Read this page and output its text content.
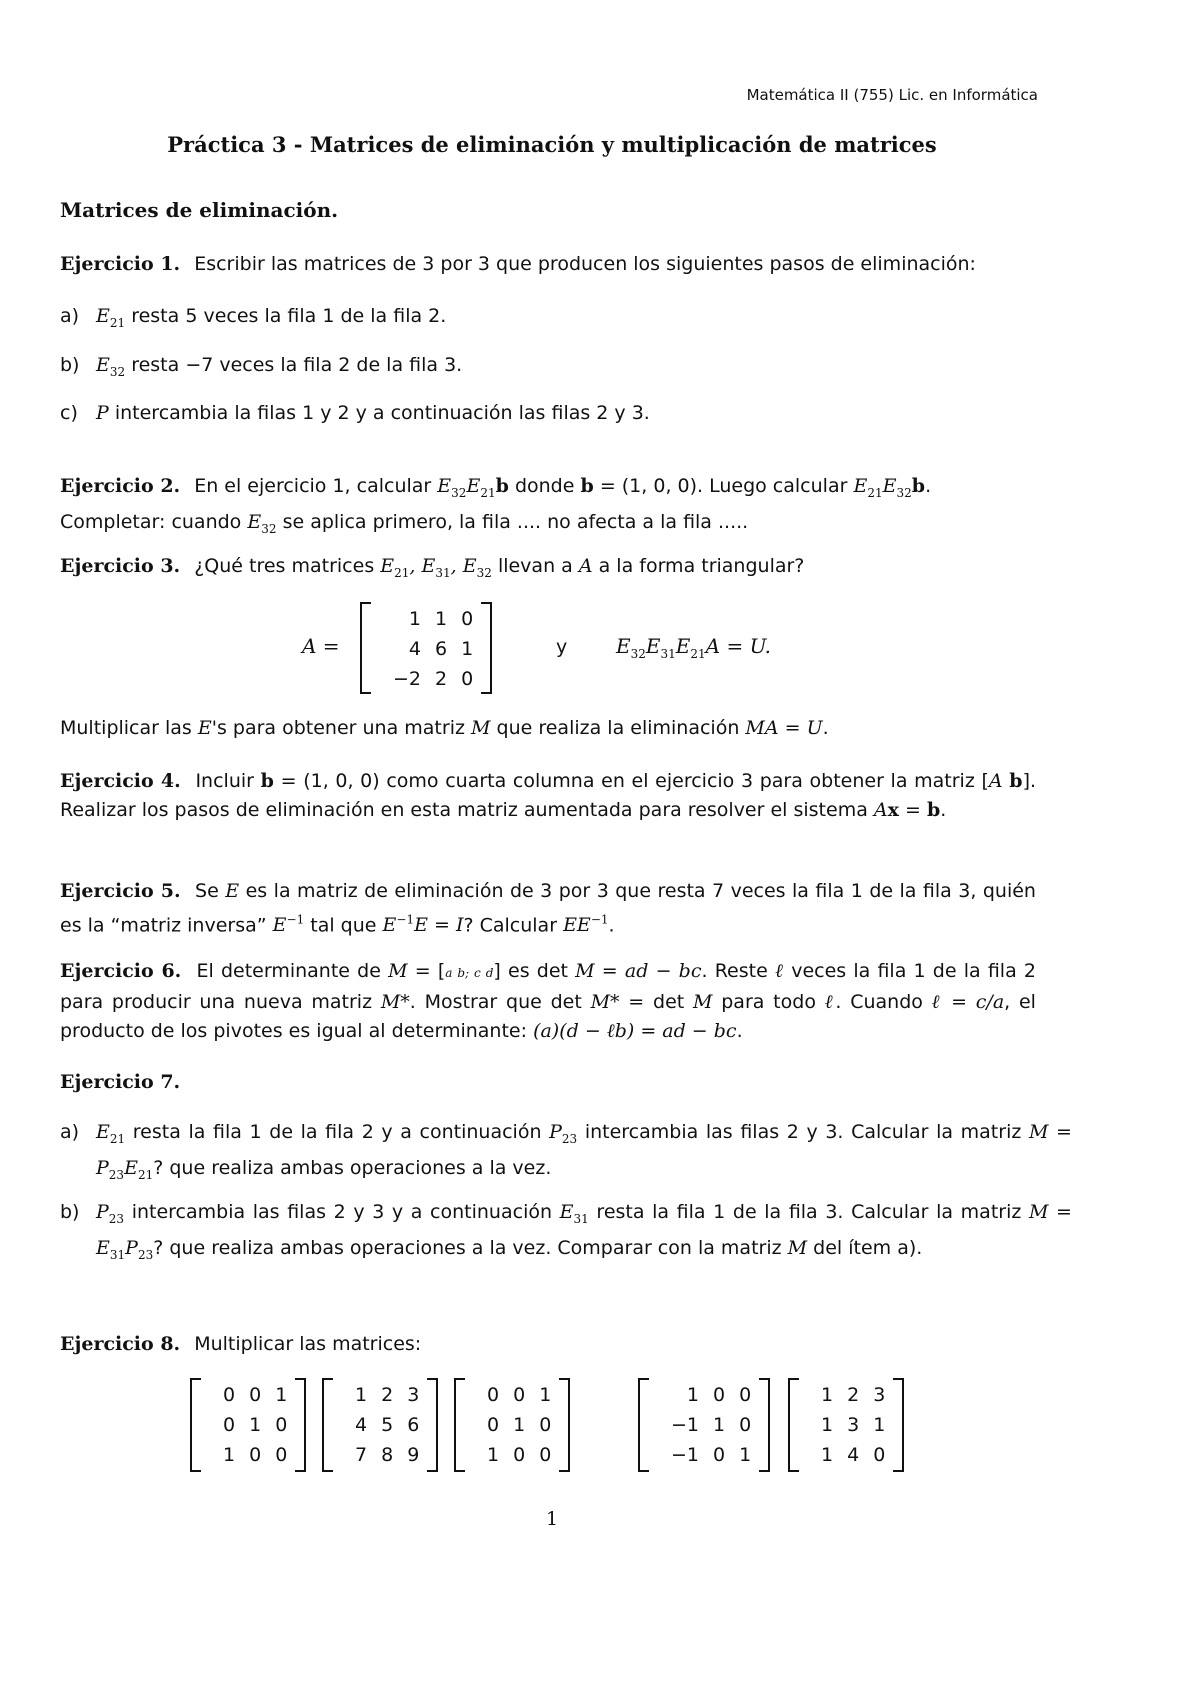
Matemática II (755) Lic. en Informática
Práctica 3 - Matrices de eliminación y multiplicación de matrices
Matrices de eliminación.
Ejercicio 1. Escribir las matrices de 3 por 3 que producen los siguientes pasos de eliminación:
a) $E_{21}$ resta 5 veces la fila 1 de la fila 2.
b) $E_{32}$ resta −7 veces la fila 2 de la fila 3.
c) P intercambia la filas 1 y 2 y a continuación las filas 2 y 3.
Ejercicio 2. En el ejercicio 1, calcular $E_{32}E_{21}b$ donde b = (1, 0, 0). Luego calcular $E_{21}E_{32}b$.
Completar: cuando $E_{32}$ se aplica primero, la fila .... no afecta a la fila .....
Ejercicio 3. ¿Qué tres matrices $E_{21}$, $E_{31}$, $E_{32}$ llevan a A a la forma triangular?
A =
1 1 0
4 6 1
−2 2 0
y $E_{32}E_{31}E_{21}A = U$.
Multiplicar las E's para obtener una matriz M que realiza la eliminación MA = U.
Ejercicio 4. Incluir b = (1, 0, 0) como cuarta columna en el ejercicio 3 para obtener la matriz [A b]. Realizar los pasos de eliminación en esta matriz aumentada para resolver el sistema Ax = b.
Ejercicio 5. Se E es la matriz de eliminación de 3 por 3 que resta 7 veces la fila 1 de la fila 3, quién es la “matriz inversa” $E^{-1}$ tal que $E^{-1}E = I$? Calcular $EE^{-1}$.
Ejercicio 6. El determinante de M = [a b; c d] es det M = ad − bc. Reste ℓ veces la fila 1 de la fila 2 para producir una nueva matriz M*. Mostrar que det M* = det M para todo ℓ. Cuando ℓ = c/a, el producto de los pivotes es igual al determinante: (a)(d − ℓb) = ad − bc.
Ejercicio 7.
a) $E_{21}$ resta la fila 1 de la fila 2 y a continuación $P_{23}$ intercambia las filas 2 y 3. Calcular la matriz $M = P_{23}E_{21}$? que realiza ambas operaciones a la vez.
b) $P_{23}$ intercambia las filas 2 y 3 y a continuación $E_{31}$ resta la fila 1 de la fila 3. Calcular la matriz $M = E_{31}P_{23}$? que realiza ambas operaciones a la vez. Comparar con la matriz M del ítem a).
Ejercicio 8. Multiplicar las matrices:
0 0 1
0 1 0
1 0 0
1 2 3
4 5 6
7 8 9
0 0 1
0 1 0
1 0 0
1 0 0
−1 1 0
−1 0 1
1 2 3
1 3 1
1 4 0
1
